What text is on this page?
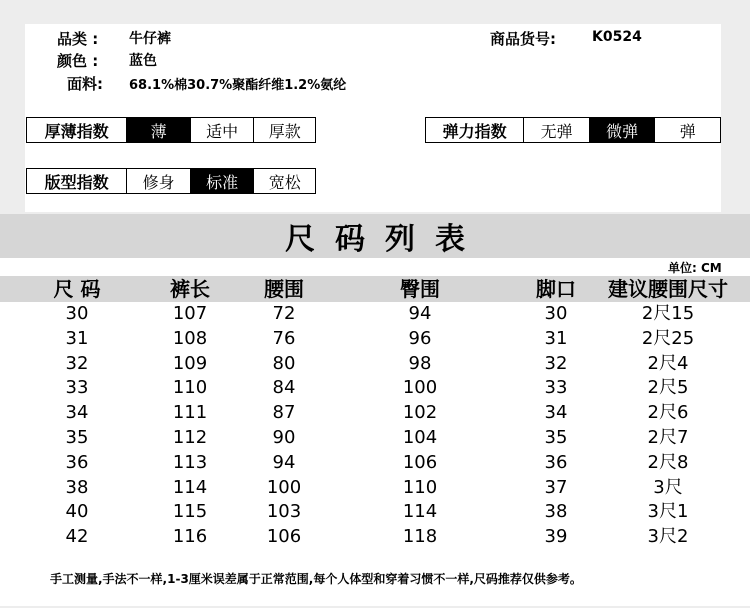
品类 : 牛仔裤
颜色 : 蓝色
面料: 68.1%棉30.7%聚酯纤维1.2%氨纶
商品货号:	K0524
厚薄指数	薄	适中	厚款	弹力指数	无弹	微弹	弹
版型指数	修身	标准	宽松
尺码列表
单位: CM
尺 码	裤长	腰围	臀围	脚口 建议腰围尺寸
30	107	72	94	30	2尺15
31	108	76	96	31	2尺25
32	109	80	98	32	2尺4
33	110	84	100	33	2尺5
34	111	87	102	34	2尺6
35	112	90	104	35	2尺7
36	113	94	106	36	2尺8
38	114	100	110	37	3尺
40	115	103	114	38	3尺1
42	116	106	118	39	3尺2
手工测量,手法不一样,1-3厘米误差属于正常范围,每个人体型和穿着习惯不一样,尺码推荐仅供参考。
